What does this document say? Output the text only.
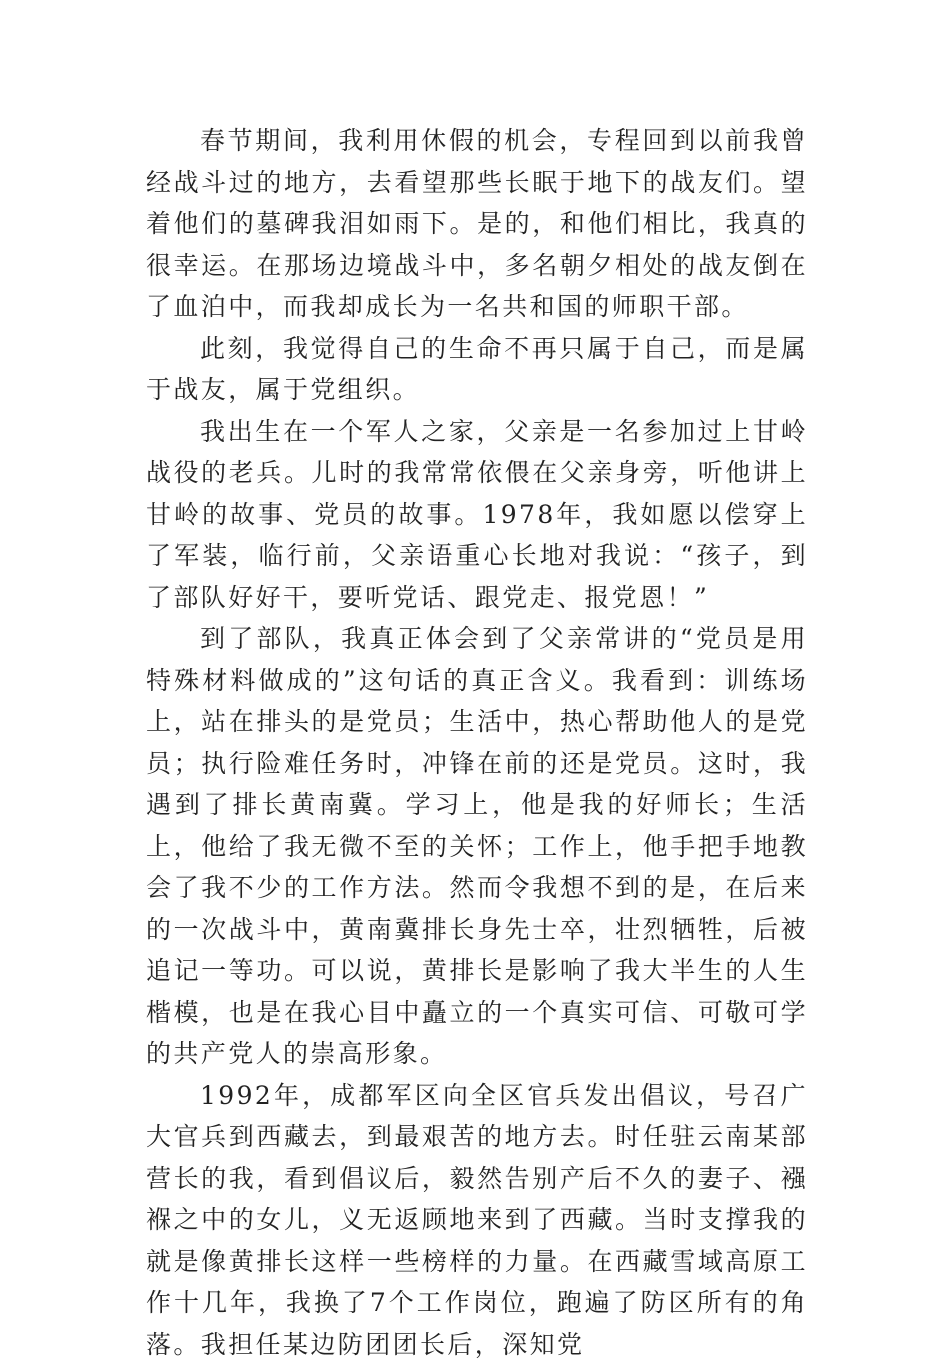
春节期间，我利用休假的机会，专程回到以前我曾经战斗过的地方，去看望那些长眠于地下的战友们。望着他们的墓碑我泪如雨下。是的，和他们相比，我真的很幸运。在那场边境战斗中，多名朝夕相处的战友倒在了血泊中，而我却成长为一名共和国的师职干部。

此刻，我觉得自己的生命不再只属于自己，而是属于战友，属于党组织。

我出生在一个军人之家，父亲是一名参加过上甘岭战役的老兵。儿时的我常常依偎在父亲身旁，听他讲上甘岭的故事、党员的故事。1978年，我如愿以偿穿上了军装，临行前，父亲语重心长地对我说：“孩子，到了部队好好干，要听党话、跟党走、报党恩！”

到了部队，我真正体会到了父亲常讲的“党员是用特殊材料做成的”这句话的真正含义。我看到：训练场上，站在排头的是党员；生活中，热心帮助他人的是党员；执行险难任务时，冲锋在前的还是党员。这时，我遇到了排长黄南冀。学习上，他是我的好师长；生活上，他给了我无微不至的关怀；工作上，他手把手地教会了我不少的工作方法。然而令我想不到的是，在后来的一次战斗中，黄南冀排长身先士卒，壮烈牺牲，后被追记一等功。可以说，黄排长是影响了我大半生的人生楷模，也是在我心目中矗立的一个真实可信、可敬可学的共产党人的崇高形象。

1992年，成都军区向全区官兵发出倡议，号召广大官兵到西藏去，到最艰苦的地方去。时任驻云南某部营长的我，看到倡议后，毅然告别产后不久的妻子、襁褓之中的女儿，义无返顾地来到了西藏。当时支撑我的就是像黄排长这样一些榜样的力量。在西藏雪域高原工作十几年，我换了7个工作岗位，跑遍了防区所有的角落。我担任某边防团团长后，深知党
